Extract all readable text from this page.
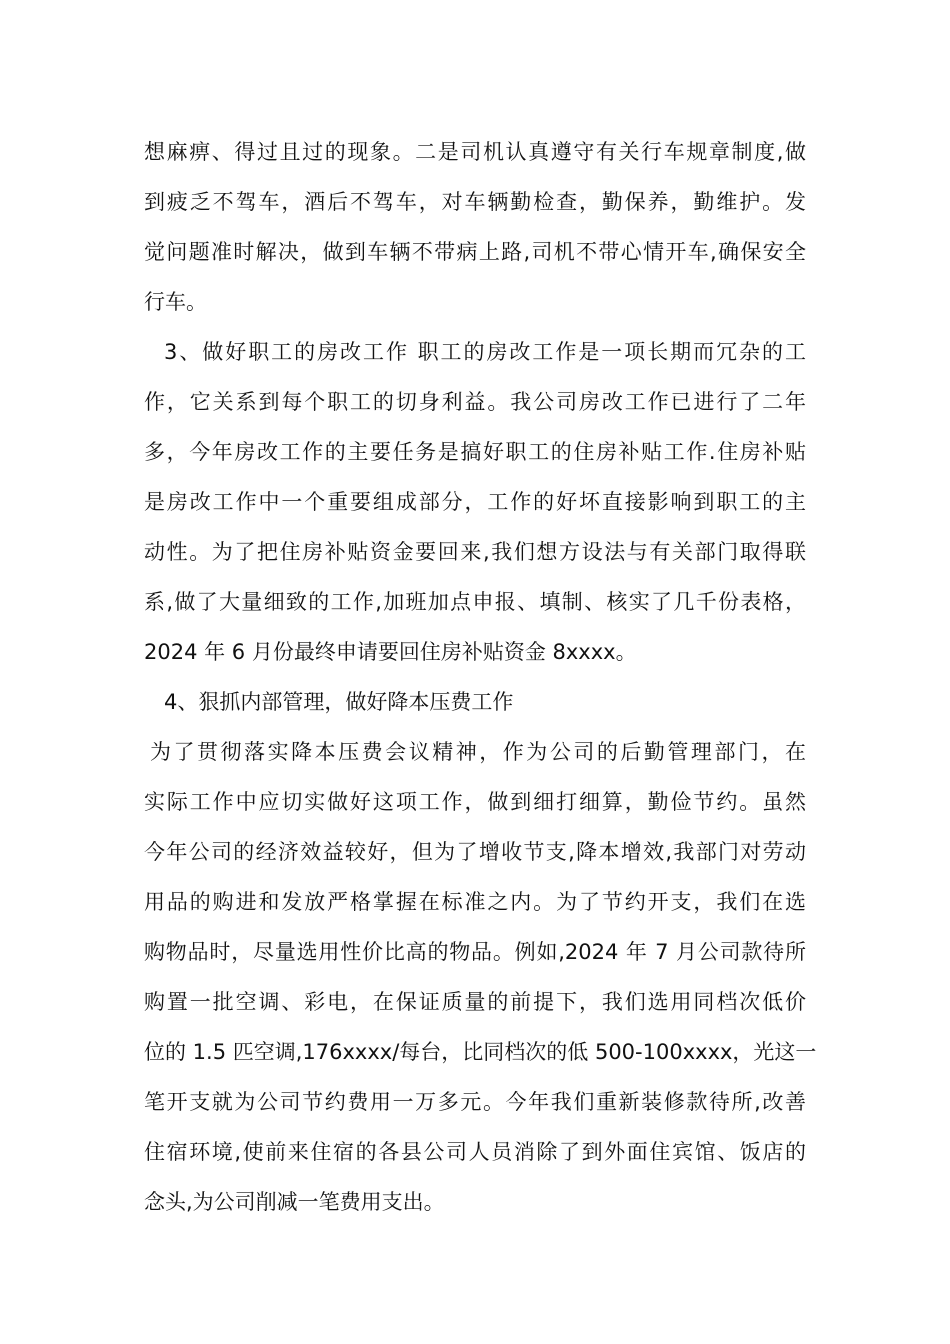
想麻痹、得过且过的现象。二是司机认真遵守有关行车规章制度,做
到疲乏不驾车，酒后不驾车，对车辆勤检查，勤保养，勤维护。发
觉问题准时解决，做到车辆不带病上路,司机不带心情开车,确保安全
行车。
3、做好职工的房改工作 职工的房改工作是一项长期而冗杂的工
作，它关系到每个职工的切身利益。我公司房改工作已进行了二年
多，今年房改工作的主要任务是搞好职工的住房补贴工作.住房补贴
是房改工作中一个重要组成部分，工作的好坏直接影响到职工的主
动性。为了把住房补贴资金要回来,我们想方设法与有关部门取得联
系,做了大量细致的工作,加班加点申报、填制、核实了几千份表格，
2024 年 6 月份最终申请要回住房补贴资金 8xxxx。
4、狠抓内部管理，做好降本压费工作
为了贯彻落实降本压费会议精神，作为公司的后勤管理部门，在
实际工作中应切实做好这项工作，做到细打细算，勤俭节约。虽然
今年公司的经济效益较好，但为了增收节支,降本增效,我部门对劳动
用品的购进和发放严格掌握在标准之内。为了节约开支，我们在选
购物品时，尽量选用性价比高的物品。例如,2024 年 7 月公司款待所
购置一批空调、彩电，在保证质量的前提下，我们选用同档次低价
位的 1.5 匹空调,176xxxx/每台，比同档次的低 500-100xxxx，光这一
笔开支就为公司节约费用一万多元。今年我们重新装修款待所,改善
住宿环境,使前来住宿的各县公司人员消除了到外面住宾馆、饭店的
念头,为公司削减一笔费用支出。
